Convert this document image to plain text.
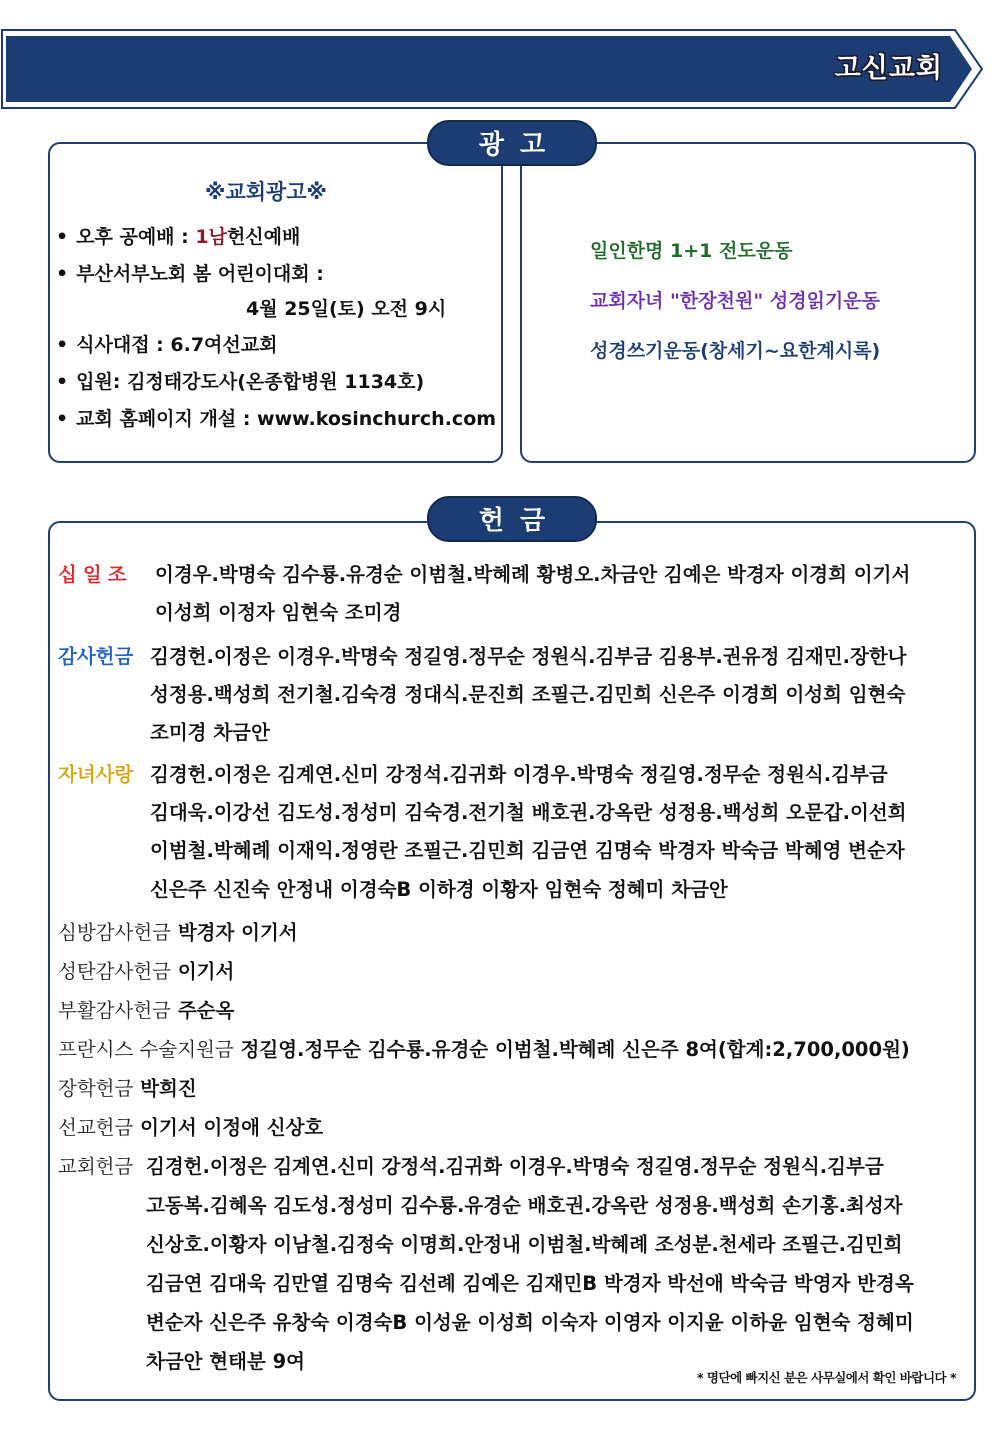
고신교회
광고
※교회광고※
• 오후 공예배 : 1남헌신예배
• 부산서부노회 봄 어린이대회 :
4월 25일(토) 오전 9시
• 식사대접 : 6.7여선교회
• 입원: 김정태강도사(온종합병원 1134호)
• 교회 홈페이지 개설 : www.kosinchurch.com
일인한명 1+1 전도운동
교회자녀 "한장천원" 성경읽기운동
성경쓰기운동(창세기~요한계시록)
헌금
십일조 이경우.박명숙 김수룡.유경순 이범철.박혜례 황병오.차금안 김예은 박경자 이경희 이기서
이성희 이정자 임현숙 조미경
감사헌금 김경헌.이정은 이경우.박명숙 정길영.정무순 정원식.김부금 김용부.권유정 김재민.장한나
성정용.백성희 전기철.김숙경 정대식.문진희 조필근.김민희 신은주 이경희 이성희 임현숙
조미경 차금안
자녀사랑 김경헌.이정은 김계연.신미 강정석.김귀화 이경우.박명숙 정길영.정무순 정원식.김부금
김대욱.이강선 김도성.정성미 김숙경.전기철 배호권.강옥란 성정용.백성희 오문갑.이선희
이범철.박혜례 이재익.정영란 조필근.김민희 김금연 김명숙 박경자 박숙금 박혜영 변순자
신은주 신진숙 안정내 이경숙B 이하경 이황자 임현숙 정혜미 차금안
심방감사헌금 박경자 이기서
성탄감사헌금 이기서
부활감사헌금 주순옥
프란시스 수술지원금 정길영.정무순 김수룡.유경순 이범철.박혜례 신은주 8여(합계:2,700,000원)
장학헌금 박희진
선교헌금 이기서 이정애 신상호
교회헌금 김경헌.이정은 김계연.신미 강정석.김귀화 이경우.박명숙 정길영.정무순 정원식.김부금
고동복.김혜옥 김도성.정성미 김수룡.유경순 배호권.강옥란 성정용.백성희 손기홍.최성자
신상호.이황자 이남철.김정숙 이명희.안정내 이범철.박혜례 조성분.천세라 조필근.김민희
김금연 김대욱 김만열 김명숙 김선례 김예은 김재민B 박경자 박선애 박숙금 박영자 반경옥
변순자 신은주 유창숙 이경숙B 이성윤 이성희 이숙자 이영자 이지윤 이하윤 임현숙 정혜미
차금안 현태분 9여
* 명단에 빠지신 분은 사무실에서 확인 바랍니다 *
